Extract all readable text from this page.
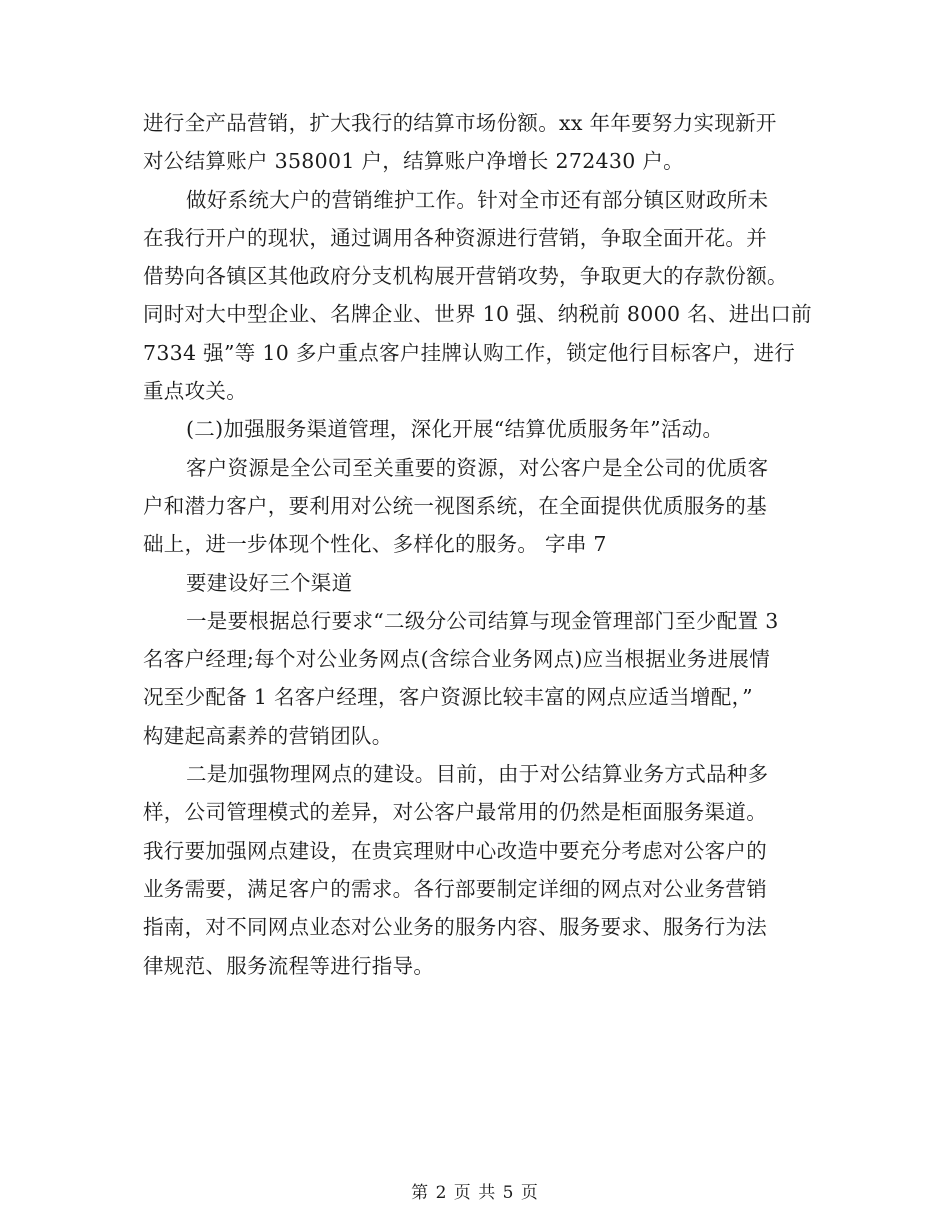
进行全产品营销，扩大我行的结算市场份额。xx 年年要努力实现新开
对公结算账户 358001 户，结算账户净增长 272430 户。

做好系统大户的营销维护工作。针对全市还有部分镇区财政所未
在我行开户的现状，通过调用各种资源进行营销，争取全面开花。并
借势向各镇区其他政府分支机构展开营销攻势，争取更大的存款份额。
同时对大中型企业、名牌企业、世界 10 强、纳税前 8000 名、进出口前
7334 强”等 10 多户重点客户挂牌认购工作，锁定他行目标客户，进行
重点攻关。

(二)加强服务渠道管理，深化开展“结算优质服务年”活动。

客户资源是全公司至关重要的资源，对公客户是全公司的优质客
户和潜力客户，要利用对公统一视图系统，在全面提供优质服务的基
础上，进一步体现个性化、多样化的服务。 字串 7

要建设好三个渠道

一是要根据总行要求“二级分公司结算与现金管理部门至少配置 3
名客户经理;每个对公业务网点(含综合业务网点)应当根据业务进展情
况至少配备 1 名客户经理，客户资源比较丰富的网点应适当增配，”
构建起高素养的营销团队。

二是加强物理网点的建设。目前，由于对公结算业务方式品种多
样，公司管理模式的差异，对公客户最常用的仍然是柜面服务渠道。
我行要加强网点建设，在贵宾理财中心改造中要充分考虑对公客户的
业务需要，满足客户的需求。各行部要制定详细的网点对公业务营销
指南，对不同网点业态对公业务的服务内容、服务要求、服务行为法
律规范、服务流程等进行指导。

第 2 页 共 5 页
